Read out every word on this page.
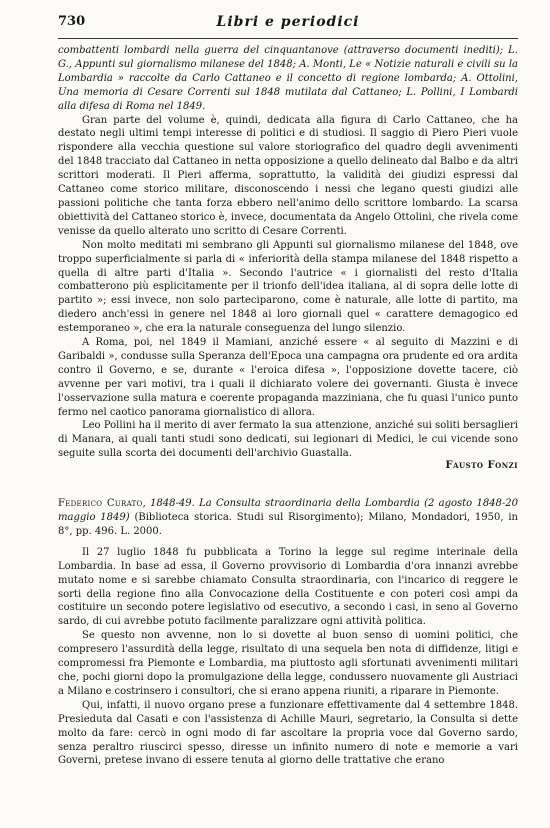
730	Libri e periodici

combattenti lombardi nella guerra del cinquantanove (attraverso documenti inediti); L. G., Appunti sul giornalismo milanese del 1848; A. Monti, Le « Notizie naturali e civili su la Lombardia » raccolte da Carlo Cattaneo e il concetto di regione lombarda; A. Ottolini, Una memoria di Cesare Correnti sul 1848 mutilata dal Cattaneo; L. Pollini, I Lombardi alla difesa di Roma nel 1849.

Gran parte del volume è, quindi, dedicata alla figura di Carlo Cattaneo, che ha destato negli ultimi tempi interesse di politici e di studiosi. Il saggio di Piero Pieri vuole rispondere alla vecchia questione sul valore storiografico del quadro degli avvenimenti del 1848 tracciato dal Cattaneo in netta opposizione a quello delineato dal Balbo e da altri scrittori moderati. Il Pieri afferma, soprattutto, la validità dei giudizi espressi dal Cattaneo come storico militare, disconoscendo i nessi che legano questi giudizi alle passioni politiche che tanta forza ebbero nell'animo dello scrittore lombardo. La scarsa obiettività del Cattaneo storico è, invece, documentata da Angelo Ottolini, che rivela come venisse da quello alterato uno scritto di Cesare Correnti.

Non molto meditati mi sembrano gli Appunti sul giornalismo milanese del 1848, ove troppo superficialmente si parla di « inferiorità della stampa milanese del 1848 rispetto a quella di altre parti d'Italia ». Secondo l'autrice « i giornalisti del resto d'Italia combatterono più esplicitamente per il trionfo dell'idea italiana, al di sopra delle lotte di partito »; essi invece, non solo parteciparono, come è naturale, alle lotte di partito, ma diedero anch'essi in genere nel 1848 ai loro giornali quel « carattere demagogico ed estemporaneo », che era la naturale conseguenza del lungo silenzio.

A Roma, poi, nel 1849 il Mamiani, anziché essere « al seguito di Mazzini e di Garibaldi », condusse sulla Speranza dell'Epoca una campagna ora prudente ed ora ardita contro il Governo, e se, durante « l'eroica difesa », l'opposizione dovette tacere, ciò avvenne per vari motivi, tra i quali il dichiarato volere dei governanti. Giusta è invece l'osservazione sulla matura e coerente propaganda mazziniana, che fu quasi l'unico punto fermo nel caotico panorama giornalistico di allora.

Leo Pollini ha il merito di aver fermato la sua attenzione, anziché sui soliti bersaglieri di Manara, ai quali tanti studi sono dedicati, sui legionari di Medici, le cui vicende sono seguite sulla scorta dei documenti dell'archivio Guastalla.

Fausto Fonzi

Federico Curato, 1848-49. La Consulta straordinaria della Lombardia (2 agosto 1848-20 maggio 1849) (Biblioteca storica. Studi sul Risorgimento); Milano, Mondadori, 1950, in 8°, pp. 496. L. 2000.

Il 27 luglio 1848 fu pubblicata a Torino la legge sul regime interinale della Lombardia. In base ad essa, il Governo provvisorio di Lombardia d'ora innanzi avrebbe mutato nome e si sarebbe chiamato Consulta straordinaria, con l'incarico di reggere le sorti della regione fino alla Convocazione della Costituente e con poteri così ampi da costituire un secondo potere legislativo od esecutivo, a secondo i casi, in seno al Governo sardo, di cui avrebbe potuto facilmente paralizzare ogni attività politica.

Se questo non avvenne, non lo si dovette al buon senso di uomini politici, che compresero l'assurdità della legge, risultato di una sequela ben nota di diffidenze, litigi e compromessi fra Piemonte e Lombardia, ma piuttosto agli sfortunati avvenimenti militari che, pochi giorni dopo la promulgazione della legge, condussero nuovamente gli Austriaci a Milano e costrinsero i consultori, che si erano appena riuniti, a riparare in Piemonte.

Qui, infatti, il nuovo organo prese a funzionare effettivamente dal 4 settembre 1848. Presieduta dal Casati e con l'assistenza di Achille Mauri, segretario, la Consulta si dette molto da fare: cercò in ogni modo di far ascoltare la propria voce dal Governo sardo, senza peraltro riuscirci spesso, diresse un infinito numero di note e memorie a vari Governi, pretese invano di essere tenuta al giorno delle trattative che erano
